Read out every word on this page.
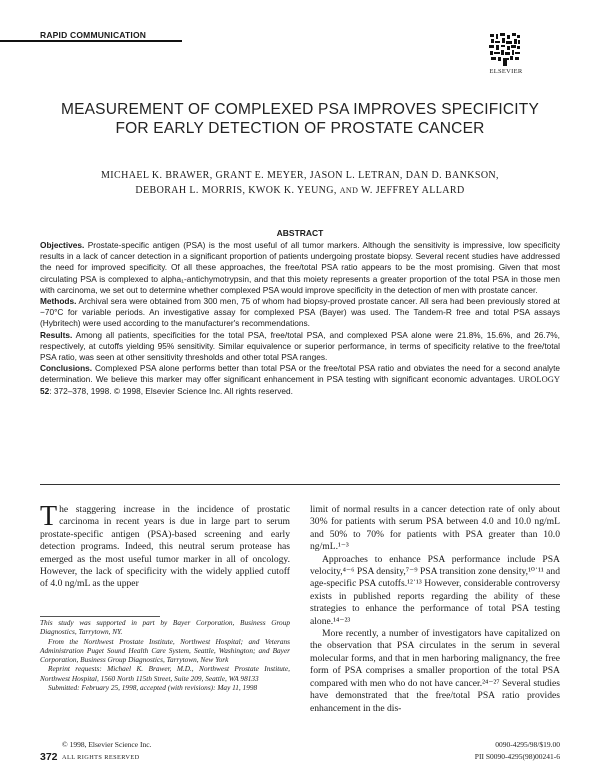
RAPID COMMUNICATION
ELSEVIER
MEASUREMENT OF COMPLEXED PSA IMPROVES SPECIFICITY FOR EARLY DETECTION OF PROSTATE CANCER
MICHAEL K. BRAWER, GRANT E. MEYER, JASON L. LETRAN, DAN D. BANKSON,
DEBORAH L. MORRIS, KWOK K. YEUNG, AND W. JEFFREY ALLARD
ABSTRACT

Objectives. Prostate-specific antigen (PSA) is the most useful of all tumor markers. Although the sensitivity is impressive, low specificity results in a lack of cancer detection in a significant proportion of patients undergoing prostate biopsy. Several recent studies have addressed the need for improved specificity. Of all these approaches, the free/total PSA ratio appears to be the most promising. Given that most circulating PSA is complexed to alpha₁-antichymotrypsin, and that this moiety represents a greater proportion of the total PSA in those men with carcinoma, we set out to determine whether complexed PSA would improve specificity in the detection of men with prostate cancer.

Methods. Archival sera were obtained from 300 men, 75 of whom had biopsy-proved prostate cancer. All sera had been previously stored at −70°C for variable periods. An investigative assay for complexed PSA (Bayer) was used. The Tandem-R free and total PSA assays (Hybritech) were used according to the manufacturer's recommendations.

Results. Among all patients, specificities for the total PSA, free/total PSA, and complexed PSA alone were 21.8%, 15.6%, and 26.7%, respectively, at cutoffs yielding 95% sensitivity. Similar equivalence or superior performance, in terms of specificity relative to the free/total PSA ratio, was seen at other sensitivity thresholds and other total PSA ranges.

Conclusions. Complexed PSA alone performs better than total PSA or the free/total PSA ratio and obviates the need for a second analyte determination. We believe this marker may offer significant enhancement in PSA testing with significant economic advantages. UROLOGY 52: 372–378, 1998. © 1998, Elsevier Science Inc. All rights reserved.

The staggering increase in the incidence of prostatic carcinoma in recent years is due in large part to serum prostate-specific antigen (PSA)-based screening and early detection programs. Indeed, this neutral serum protease has emerged as the most useful tumor marker in all of oncology. However, the lack of specificity with the widely applied cutoff of 4.0 ng/mL as the upper

This study was supported in part by Bayer Corporation, Business Group Diagnostics, Tarrytown, NY.

From the Northwest Prostate Institute, Northwest Hospital; and Veterans Administration Puget Sound Health Care System, Seattle, Washington; and Bayer Corporation, Business Group Diagnostics, Tarrytown, New York

Reprint requests: Michael K. Brawer, M.D., Northwest Prostate Institute, Northwest Hospital, 1560 North 115th Street, Suite 209, Seattle, WA 98133

Submitted: February 25, 1998, accepted (with revisions): May 11, 1998

limit of normal results in a cancer detection rate of only about 30% for patients with serum PSA between 4.0 and 10.0 ng/mL and 50% to 70% for patients with PSA greater than 10.0 ng/mL.¹⁻³

Approaches to enhance PSA performance include PSA velocity,⁴⁻⁶ PSA density,⁷⁻⁹ PSA transition zone density,¹⁰ˈ¹¹ and age-specific PSA cutoffs.¹²ˈ¹³ However, considerable controversy exists in published reports regarding the ability of these strategies to enhance the performance of total PSA testing alone.¹⁴⁻²³

More recently, a number of investigators have capitalized on the observation that PSA circulates in the serum in several molecular forms, and that in men harboring malignancy, the free form of PSA comprises a smaller proportion of the total PSA compared with men who do not have cancer.²⁴⁻²⁷ Several studies have demonstrated that the free/total PSA ratio provides enhancement in the dis-

© 1998, Elsevier Science Inc.
372 ALL RIGHTS RESERVED
0090-4295/98/$19.00
PII S0090-4295(98)00241-6
